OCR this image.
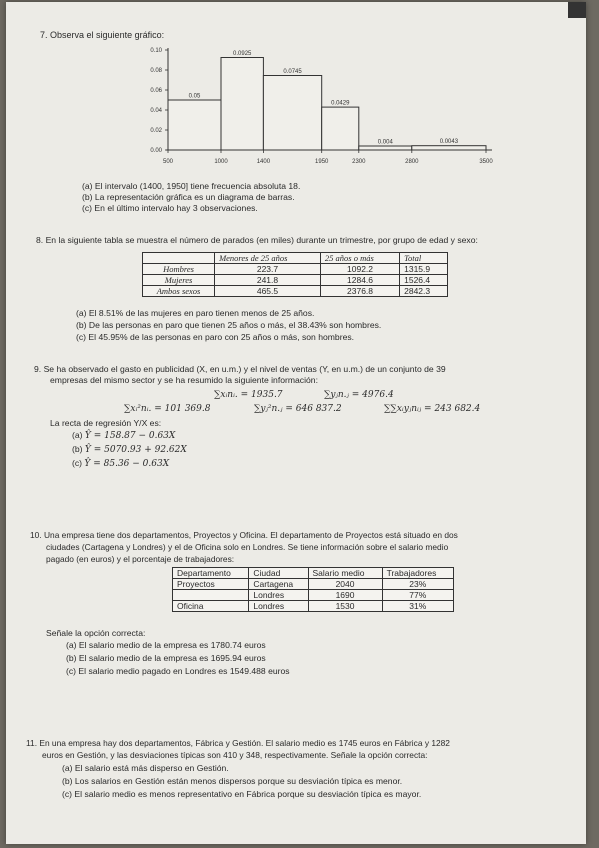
7. Observa el siguiente gráfico:
0.10
0.08
0.06
0.04
0.02
0.00
0.05
0.0925
0.0745
0.0429
0.004	0.0043
500	1000	1400	1950	2300	2800	3500
(a) El intervalo (1400, 1950] tiene frecuencia absoluta 18.
(b) La representación gráfica es un diagrama de barras.
(c) En el último intervalo hay 3 observaciones.
8. En la siguiente tabla se muestra el número de parados (en miles) durante un trimestre, por grupo de edad y sexo:
	Menores de 25 años	25 años o más	Total
Hombres	223.7	1092.2	1315.9
Mujeres	241.8	1284.6	1526.4
Ambos sexos	465.5	2376.8	2842.3
(a) El 8.51% de las mujeres en paro tienen menos de 25 años.
(b) De las personas en paro que tienen 25 años o más, el 38.43% son hombres.
(c) El 45.95% de las personas en paro con 25 años o más, son hombres.
9. Se ha observado el gasto en publicidad (X, en u.m.) y el nivel de ventas (Y, en u.m.) de un conjunto de 39
empresas del mismo sector y se ha resumido la siguiente información:
∑xᵢnᵢ. = 1935.7	∑yⱼn.ⱼ = 4976.4
∑xᵢ²nᵢ. = 101 369.8	∑yⱼ²n.ⱼ = 646 837.2	∑∑xᵢyⱼnᵢⱼ = 243 682.4
La recta de regresión Y/X es:
(a) Ŷ = 158.87 − 0.63X
(b) Ŷ = 5070.93 + 92.62X
(c) Ŷ = 85.36 − 0.63X
10. Una empresa tiene dos departamentos, Proyectos y Oficina. El departamento de Proyectos está situado en dos
ciudades (Cartagena y Londres) y el de Oficina solo en Londres. Se tiene información sobre el salario medio
pagado (en euros) y el porcentaje de trabajadores:
Departamento	Ciudad	Salario medio	Trabajadores
Proyectos	Cartagena	2040	23%
	Londres	1690	77%
Oficina	Londres	1530	31%
Señale la opción correcta:
(a) El salario medio de la empresa es 1780.74 euros
(b) El salario medio de la empresa es 1695.94 euros
(c) El salario medio pagado en Londres es 1549.488 euros
11. En una empresa hay dos departamentos, Fábrica y Gestión. El salario medio es 1745 euros en Fábrica y 1282
euros en Gestión, y las desviaciones típicas son 410 y 348, respectivamente. Señale la opción correcta:
(a) El salario está más disperso en Gestión.
(b) Los salarios en Gestión están menos dispersos porque su desviación típica es menor.
(c) El salario medio es menos representativo en Fábrica porque su desviación típica es mayor.
